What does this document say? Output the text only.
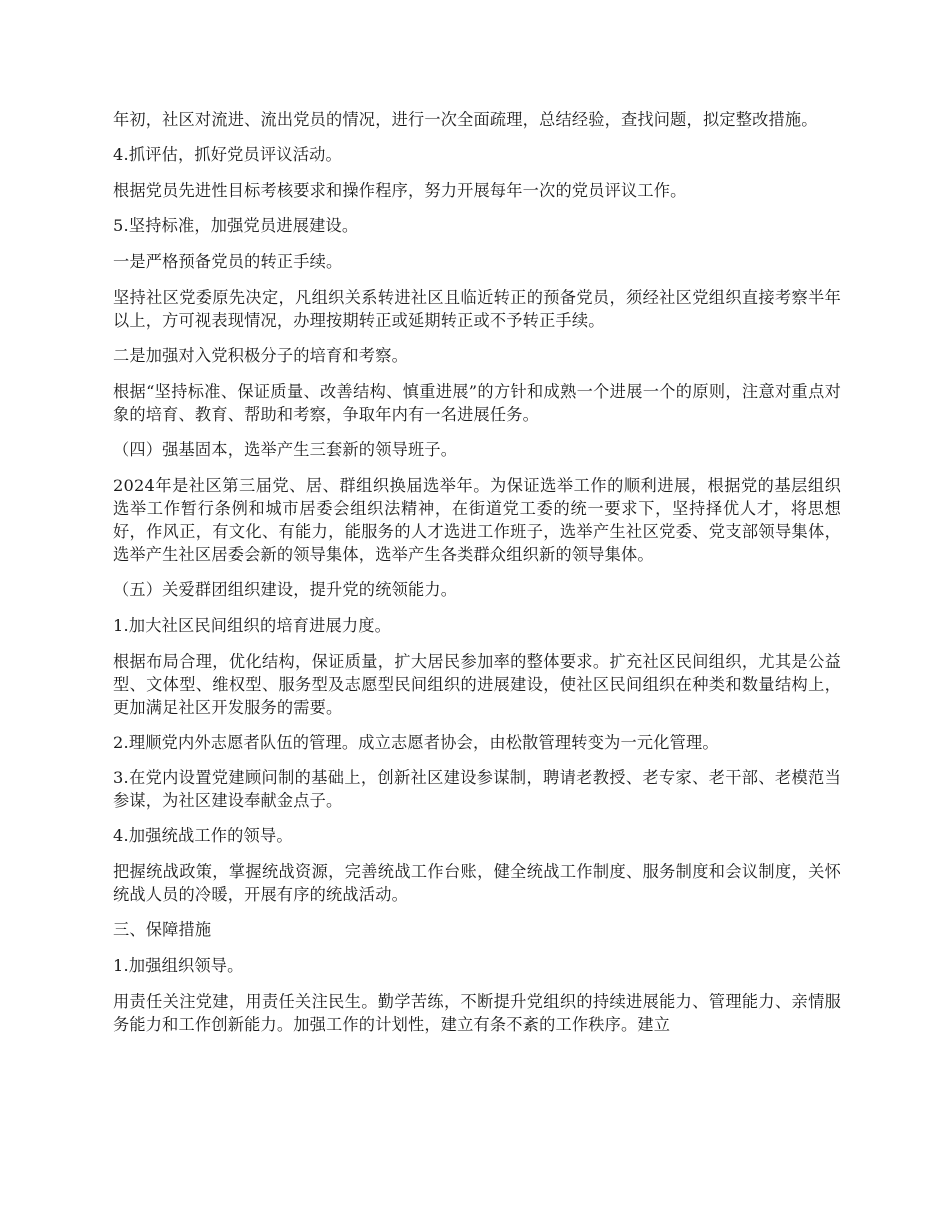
年初，社区对流进、流出党员的情况，进行一次全面疏理，总结经验，查找问题，拟定整改措施。

4.抓评估，抓好党员评议活动。

根据党员先进性目标考核要求和操作程序，努力开展每年一次的党员评议工作。

5.坚持标准，加强党员进展建设。

一是严格预备党员的转正手续。

坚持社区党委原先决定，凡组织关系转进社区且临近转正的预备党员，须经社区党组织直接考察半年以上，方可视表现情况，办理按期转正或延期转正或不予转正手续。

二是加强对入党积极分子的培育和考察。

根据“坚持标准、保证质量、改善结构、慎重进展”的方针和成熟一个进展一个的原则，注意对重点对象的培育、教育、帮助和考察，争取年内有一名进展任务。

（四）强基固本，选举产生三套新的领导班子。

2024年是社区第三届党、居、群组织换届选举年。为保证选举工作的顺利进展，根据党的基层组织选举工作暂行条例和城市居委会组织法精神，在街道党工委的统一要求下，坚持择优人才，将思想好，作风正，有文化、有能力，能服务的人才选进工作班子，选举产生社区党委、党支部领导集体，选举产生社区居委会新的领导集体，选举产生各类群众组织新的领导集体。

（五）关爱群团组织建设，提升党的统领能力。

1.加大社区民间组织的培育进展力度。

根据布局合理，优化结构，保证质量，扩大居民参加率的整体要求。扩充社区民间组织，尤其是公益型、文体型、维权型、服务型及志愿型民间组织的进展建设，使社区民间组织在种类和数量结构上，更加满足社区开发服务的需要。

2.理顺党内外志愿者队伍的管理。成立志愿者协会，由松散管理转变为一元化管理。

3.在党内设置党建顾问制的基础上，创新社区建设参谋制，聘请老教授、老专家、老干部、老模范当参谋，为社区建设奉献金点子。

4.加强统战工作的领导。

把握统战政策，掌握统战资源，完善统战工作台账，健全统战工作制度、服务制度和会议制度，关怀统战人员的冷暖，开展有序的统战活动。

三、保障措施

1.加强组织领导。

用责任关注党建，用责任关注民生。勤学苦练，不断提升党组织的持续进展能力、管理能力、亲情服务能力和工作创新能力。加强工作的计划性，建立有条不紊的工作秩序。建立
